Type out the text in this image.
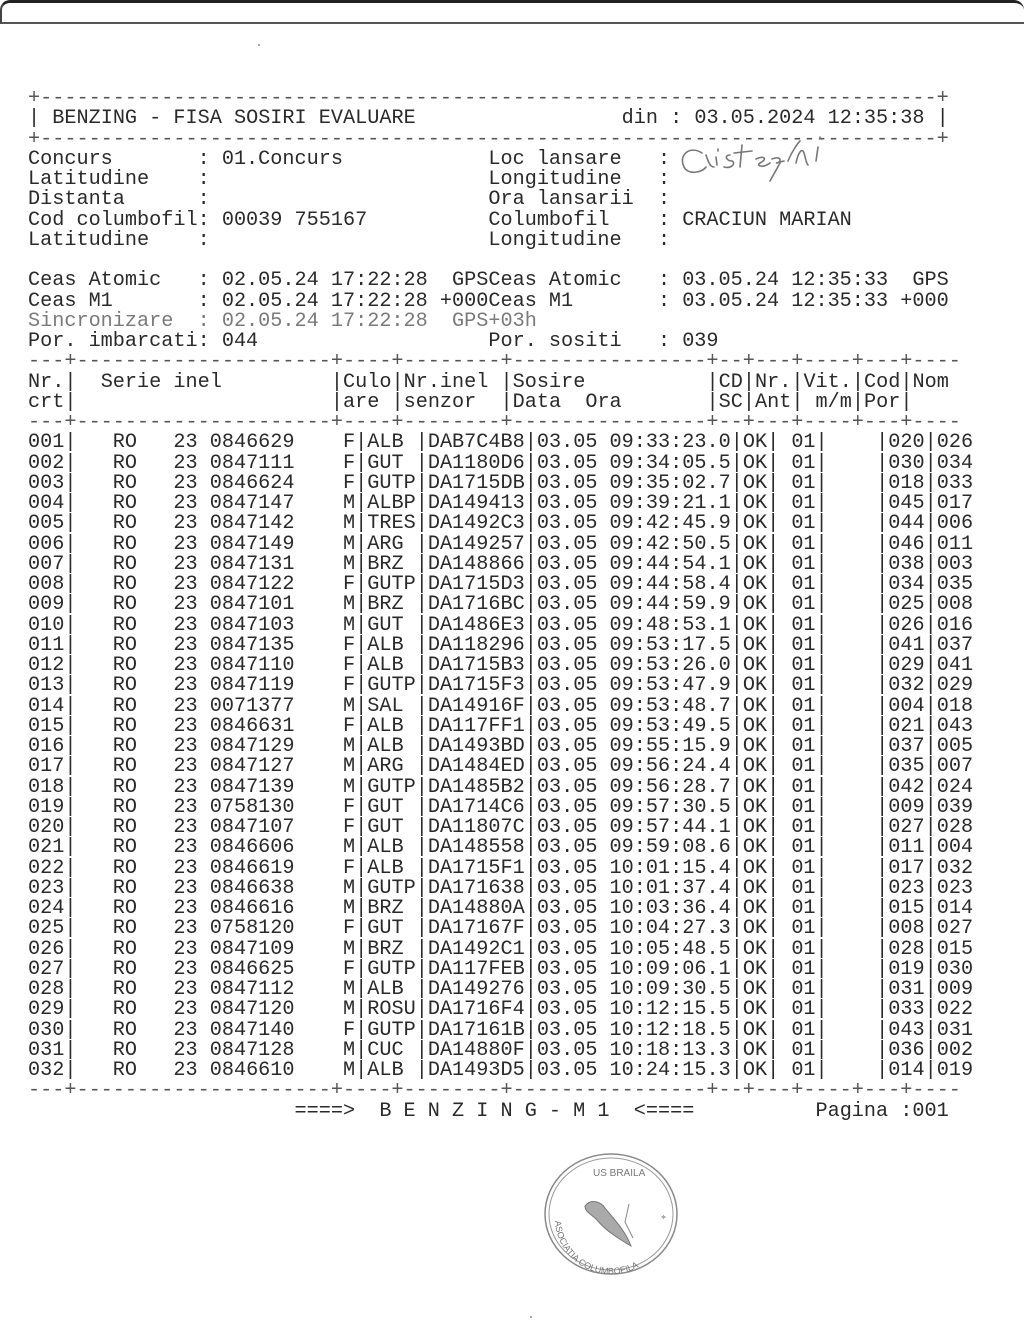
+--------------------------------------------------------------------------+
| BENZING - FISA SOSIRI EVALUARE	din : 03.05.2024 12:35:38 |
+--------------------------------------------------------------------------+
Concurs       : 01.Concurs            Loc lansare   :
Latitudine    :                       Longitudine   :
Distanta      :                       Ora lansarii  :
Cod columbofil: 00039 755167          Columbofil    : CRACIUN MARIAN
Latitudine    :                       Longitudine   :
Ceas Atomic   : 02.05.24 17:22:28  GPSCeas Atomic   : 03.05.24 12:35:33  GPS
Ceas M1       : 02.05.24 17:22:28 +000Ceas M1       : 03.05.24 12:35:33 +000
Sincronizare  : 02.05.24 17:22:28  GPS+03h
Por. imbarcati: 044                   Por. sositi   : 039
---+---------------------+----+--------+----------------+--+---+----+---+----
Nr.|  Serie inel         |Culo|Nr.inel |Sosire          |CD|Nr.|Vit.|Cod|Nom
crt|	|are |senzor  |Data  Ora       |SC|Ant| m/m|Por|
---+---------------------+----+--------+----------------+--+---+----+---+----
001|   RO   23 0846629    F|ALB |DAB7C4B8|03.05 09:33:23.0|OK| 01| |020|026
002|   RO   23 0847111    F|GUT |DA1180D6|03.05 09:34:05.5|OK| 01| |030|034
003|   RO   23 0846624    F|GUTP|DA1715DB|03.05 09:35:02.7|OK| 01| |018|033
004|   RO   23 0847147    M|ALBP|DA149413|03.05 09:39:21.1|OK| 01| |045|017
005|   RO   23 0847142    M|TRES|DA1492C3|03.05 09:42:45.9|OK| 01| |044|006
006|   RO   23 0847149    M|ARG |DA149257|03.05 09:42:50.5|OK| 01| |046|011
007|   RO   23 0847131    M|BRZ |DA148866|03.05 09:44:54.1|OK| 01| |038|003
008|   RO   23 0847122    F|GUTP|DA1715D3|03.05 09:44:58.4|OK| 01| |034|035
009|   RO   23 0847101    M|BRZ |DA1716BC|03.05 09:44:59.9|OK| 01| |025|008
010|   RO   23 0847103    M|GUT |DA1486E3|03.05 09:48:53.1|OK| 01| |026|016
011|   RO   23 0847135    F|ALB |DA118296|03.05 09:53:17.5|OK| 01| |041|037
012|   RO   23 0847110    F|ALB |DA1715B3|03.05 09:53:26.0|OK| 01| |029|041
013|   RO   23 0847119    F|GUTP|DA1715F3|03.05 09:53:47.9|OK| 01| |032|029
014|   RO   23 0071377    M|SAL |DA14916F|03.05 09:53:48.7|OK| 01| |004|018
015|   RO   23 0846631    F|ALB |DA117FF1|03.05 09:53:49.5|OK| 01| |021|043
016|   RO   23 0847129    M|ALB |DA1493BD|03.05 09:55:15.9|OK| 01| |037|005
017|   RO   23 0847127    M|ARG |DA1484ED|03.05 09:56:24.4|OK| 01| |035|007
018|   RO   23 0847139    M|GUTP|DA1485B2|03.05 09:56:28.7|OK| 01| |042|024
019|   RO   23 0758130    F|GUT |DA1714C6|03.05 09:57:30.5|OK| 01| |009|039
020|   RO   23 0847107    F|GUT |DA11807C|03.05 09:57:44.1|OK| 01| |027|028
021|   RO   23 0846606    M|ALB |DA148558|03.05 09:59:08.6|OK| 01| |011|004
022|   RO   23 0846619    F|ALB |DA1715F1|03.05 10:01:15.4|OK| 01| |017|032
023|   RO   23 0846638    M|GUTP|DA171638|03.05 10:01:37.4|OK| 01| |023|023
024|   RO   23 0846616    M|BRZ |DA14880A|03.05 10:03:36.4|OK| 01| |015|014
025|   RO   23 0758120    F|GUT |DA17167F|03.05 10:04:27.3|OK| 01| |008|027
026|   RO   23 0847109    M|BRZ |DA1492C1|03.05 10:05:48.5|OK| 01| |028|015
027|   RO   23 0846625    F|GUTP|DA117FEB|03.05 10:09:06.1|OK| 01| |019|030
028|   RO   23 0847112    M|ALB |DA149276|03.05 10:09:30.5|OK| 01| |031|009
029|   RO   23 0847120    M|ROSU|DA1716F4|03.05 10:12:15.5|OK| 01| |033|022
030|   RO   23 0847140    F|GUTP|DA17161B|03.05 10:12:18.5|OK| 01| |043|031
031|   RO   23 0847128    M|CUC |DA14880F|03.05 10:18:13.3|OK| 01| |036|002
032|   RO   23 0846610    M|ALB |DA1493D5|03.05 10:24:15.3|OK| 01| |014|019
---+---------------------+----+--------+----------------+--+---+----+---+----
====>  B E N Z I N G - M 1  <====	Pagina :001
US BRAILA
*
ASOCIATIA COLUMBOFILA
